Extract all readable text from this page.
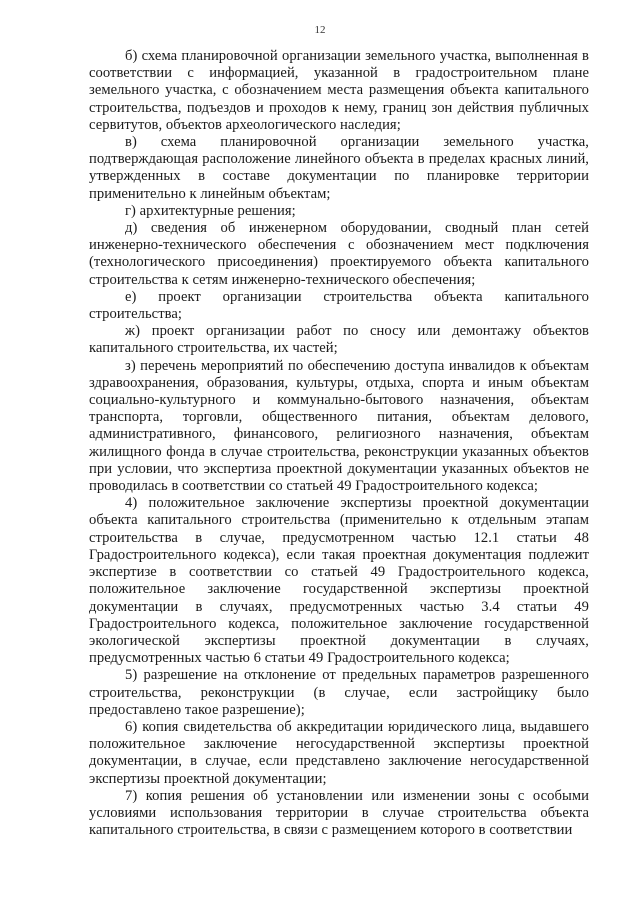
12

б) схема планировочной организации земельного участка, выполненная в соответствии с информацией, указанной в градостроительном плане земельного участка, с обозначением места размещения объекта капитального строительства, подъездов и проходов к нему, границ зон действия публичных сервитутов, объектов археологического наследия;

в) схема планировочной организации земельного участка, подтверждающая расположение линейного объекта в пределах красных линий, утвержденных в составе документации по планировке территории применительно к линейным объектам;

г) архитектурные решения;

д) сведения об инженерном оборудовании, сводный план сетей инженерно-технического обеспечения с обозначением мест подключения (технологического присоединения) проектируемого объекта капитального строительства к сетям инженерно-технического обеспечения;

е) проект организации строительства объекта капитального строительства;

ж) проект организации работ по сносу или демонтажу объектов капитального строительства, их частей;

з) перечень мероприятий по обеспечению доступа инвалидов к объектам здравоохранения, образования, культуры, отдыха, спорта и иным объектам социально-культурного и коммунально-бытового назначения, объектам транспорта, торговли, общественного питания, объектам делового, административного, финансового, религиозного назначения, объектам жилищного фонда в случае строительства, реконструкции указанных объектов при условии, что экспертиза проектной документации указанных объектов не проводилась в соответствии со статьей 49 Градостроительного кодекса;

4) положительное заключение экспертизы проектной документации объекта капитального строительства (применительно к отдельным этапам строительства в случае, предусмотренном частью 12.1 статьи 48 Градостроительного кодекса), если такая проектная документация подлежит экспертизе в соответствии со статьей 49 Градостроительного кодекса, положительное заключение государственной экспертизы проектной документации в случаях, предусмотренных частью 3.4 статьи 49 Градостроительного кодекса, положительное заключение государственной экологической экспертизы проектной документации в случаях, предусмотренных частью 6 статьи 49 Градостроительного кодекса;

5) разрешение на отклонение от предельных параметров разрешенного строительства, реконструкции (в случае, если застройщику было предоставлено такое разрешение);

6) копия свидетельства об аккредитации юридического лица, выдавшего положительное заключение негосударственной экспертизы проектной документации, в случае, если представлено заключение негосударственной экспертизы проектной документации;

7) копия решения об установлении или изменении зоны с особыми условиями использования территории в случае строительства объекта капитального строительства, в связи с размещением которого в соответствии
